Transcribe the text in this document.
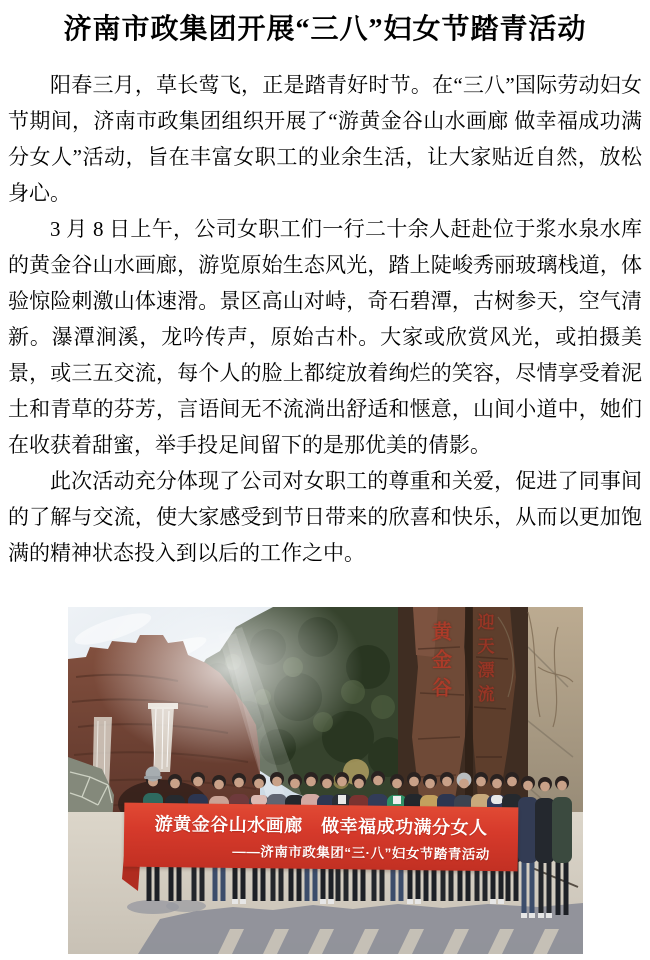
济南市政集团开展“三八”妇女节踏青活动

阳春三月，草长莺飞，正是踏青好时节。在“三八”国际劳动妇女节期间，济南市政集团组织开展了“游黄金谷山水画廊 做幸福成功满分女人”活动，旨在丰富女职工的业余生活，让大家贴近自然，放松身心。

3 月 8 日上午，公司女职工们一行二十余人赶赴位于浆水泉水库的黄金谷山水画廊，游览原始生态风光，踏上陡峻秀丽玻璃栈道，体验惊险刺激山体速滑。景区高山对峙，奇石碧潭，古树参天，空气清新。瀑潭涧溪，龙吟传声，原始古朴。大家或欣赏风光，或拍摄美景，或三五交流，每个人的脸上都绽放着绚烂的笑容，尽情享受着泥土和青草的芬芳，言语间无不流淌出舒适和惬意，山间小道中，她们在收获着甜蜜，举手投足间留下的是那优美的倩影。

此次活动充分体现了公司对女职工的尊重和关爱，促进了同事间的了解与交流，使大家感受到节日带来的欣喜和快乐，从而以更加饱满的精神状态投入到以后的工作之中。

游黄金谷山水画廊　做幸福成功满分女人
——济南市政集团“三·八”妇女节踏青活动
黄金谷 迎天漂流
